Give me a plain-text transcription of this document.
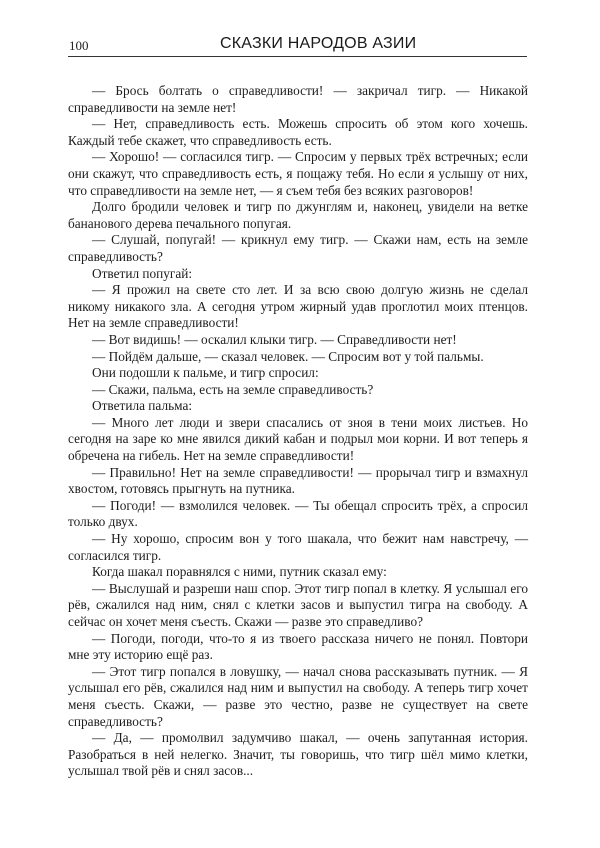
100	СКАЗКИ НАРОДОВ АЗИИ

— Брось болтать о справедливости! — закричал тигр. — Никакой справедливости на земле нет!

— Нет, справедливость есть. Можешь спросить об этом кого хочешь. Каждый тебе скажет, что справедливость есть.

— Хорошо! — согласился тигр. — Спросим у первых трёх встречных; если они скажут, что справедливость есть, я пощажу тебя. Но если я услышу от них, что справедливости на земле нет, — я съем тебя без всяких разговоров!

Долго бродили человек и тигр по джунглям и, наконец, увидели на ветке бананового дерева печального попугая.

— Слушай, попугай! — крикнул ему тигр. — Скажи нам, есть на земле справедливость?

Ответил попугай:

— Я прожил на свете сто лет. И за всю свою долгую жизнь не сделал никому никакого зла. А сегодня утром жирный удав проглотил моих птенцов. Нет на земле справедливости!

— Вот видишь! — оскалил клыки тигр. — Справедливости нет!

— Пойдём дальше, — сказал человек. — Спросим вот у той пальмы.

Они подошли к пальме, и тигр спросил:

— Скажи, пальма, есть на земле справедливость?

Ответила пальма:

— Много лет люди и звери спасались от зноя в тени моих листьев. Но сегодня на заре ко мне явился дикий кабан и подрыл мои корни. И вот теперь я обречена на гибель. Нет на земле справедливости!

— Правильно! Нет на земле справедливости! — прорычал тигр и взмахнул хвостом, готовясь прыгнуть на путника.

— Погоди! — взмолился человек. — Ты обещал спросить трёх, а спросил только двух.

— Ну хорошо, спросим вон у того шакала, что бежит нам навстречу, — согласился тигр.

Когда шакал поравнялся с ними, путник сказал ему:

— Выслушай и разреши наш спор. Этот тигр попал в клетку. Я услышал его рёв, сжалился над ним, снял с клетки засов и выпустил тигра на свободу. А сейчас он хочет меня съесть. Скажи — разве это справедливо?

— Погоди, погоди, что-то я из твоего рассказа ничего не понял. Повтори мне эту историю ещё раз.

— Этот тигр попался в ловушку, — начал снова рассказывать путник. — Я услышал его рёв, сжалился над ним и выпустил на свободу. А теперь тигр хочет меня съесть. Скажи, — разве это честно, разве не существует на свете справедливость?

— Да, — промолвил задумчиво шакал, — очень запутанная история. Разобраться в ней нелегко. Значит, ты говоришь, что тигр шёл мимо клетки, услышал твой рёв и снял засов...
